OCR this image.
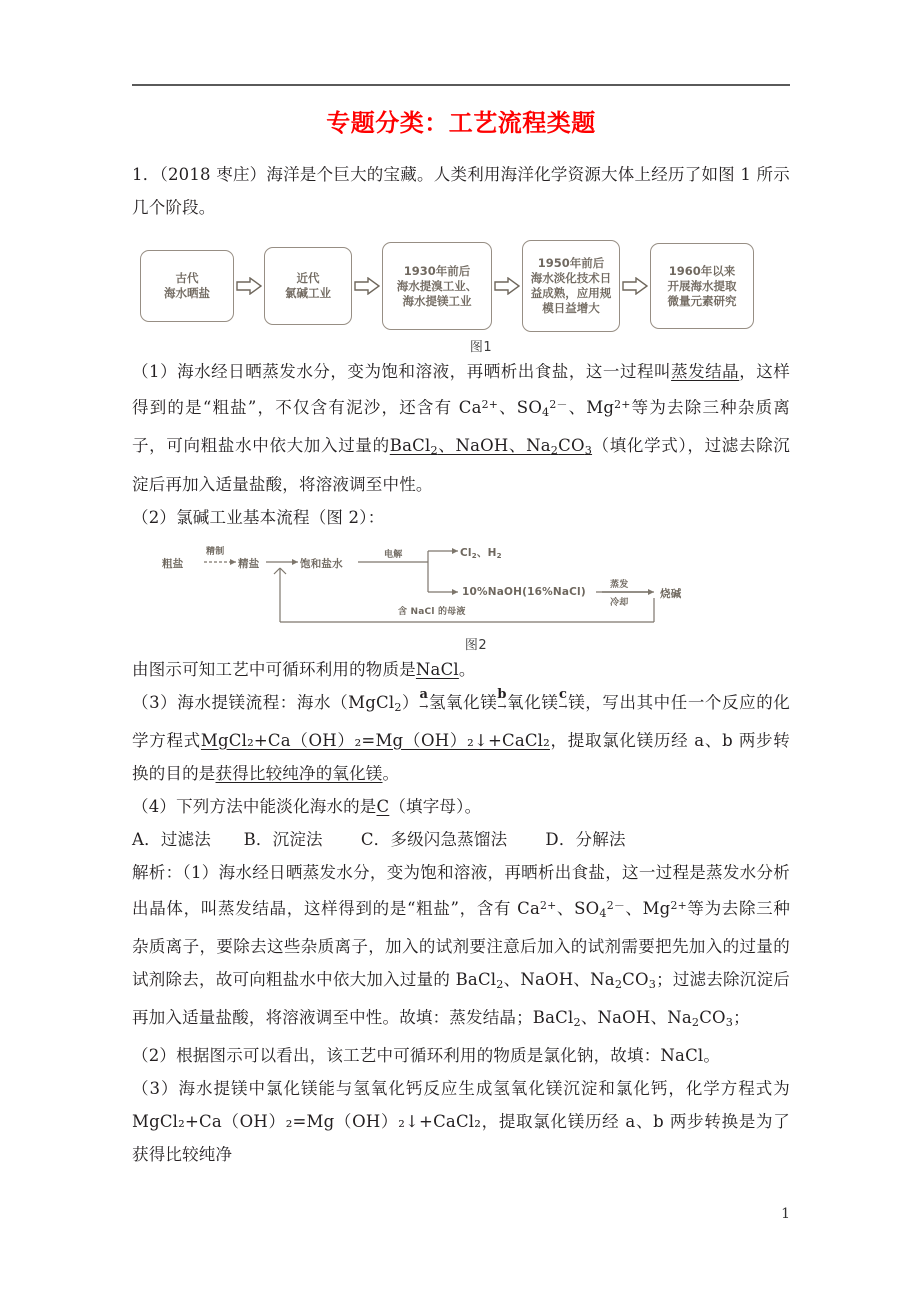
专题分类：工艺流程类题

1．（2018 枣庄）海洋是个巨大的宝藏。人类利用海洋化学资源大体上经历了如图 1 所示几个阶段。

古代
海水晒盐
近代
氯碱工业
1930年前后
海水提溴工业、
海水提镁工业
1950年前后
海水淡化技术日
益成熟，应用规
模日益增大
1960年以来
开展海水提取
微量元素研究
图1

（1）海水经日晒蒸发水分，变为饱和溶液，再晒析出食盐，这一过程叫蒸发结晶，这样得到的是“粗盐”，不仅含有泥沙，还含有 $Ca^{2+}$、$SO_4^{2-}$、$Mg^{2+}$等为去除三种杂质离子，可向粗盐水中依大加入过量的BaCl$_2$、NaOH、$Na_2CO_3$（填化学式），过滤去除沉淀后再加入适量盐酸，将溶液调至中性。

（2）氯碱工业基本流程（图 2）：

粗盐
精制
精盐	饱和盐水
电解	$Cl_2$、$H_2$
10%NaOH(16%NaCl)
蒸发
冷却
烧碱
含 NaCl 的母液
图2

由图示可知工艺中可循环利用的物质是NaCl。

（3）海水提镁流程：海水（MgCl$_2$） a
→ 氢氧化镁 b
→ 氧化镁 c
→ 镁，写出其中任一个反应的化学方程式MgCl₂+Ca（OH）₂=Mg（OH）₂↓+CaCl₂，提取氯化镁历经 a、b 两步转换的目的是获得比较纯净的氧化镁。

（4）下列方法中能淡化海水的是C（填字母）。

A．过滤法 B．沉淀法 C．多级闪急蒸馏法 D．分解法

解析：（1）海水经日晒蒸发水分，变为饱和溶液，再晒析出食盐，这一过程是蒸发水分析出晶体，叫蒸发结晶，这样得到的是“粗盐”，含有 $Ca^{2+}$、$SO_4^{2-}$、$Mg^{2+}$等为去除三种杂质离子，要除去这些杂质离子，加入的试剂要注意后加入的试剂需要把先加入的过量的试剂除去，故可向粗盐水中依大加入过量的 BaCl$_2$、NaOH、$Na_2CO_3$；过滤去除沉淀后再加入适量盐酸，将溶液调至中性。故填：蒸发结晶；BaCl$_2$、NaOH、$Na_2CO_3$；

（2）根据图示可以看出，该工艺中可循环利用的物质是氯化钠，故填：NaCl。

（3）海水提镁中氯化镁能与氢氧化钙反应生成氢氧化镁沉淀和氯化钙，化学方程式为MgCl₂+Ca（OH）₂=Mg（OH）₂↓+CaCl₂，提取氯化镁历经 a、b 两步转换是为了获得比较纯净

1
